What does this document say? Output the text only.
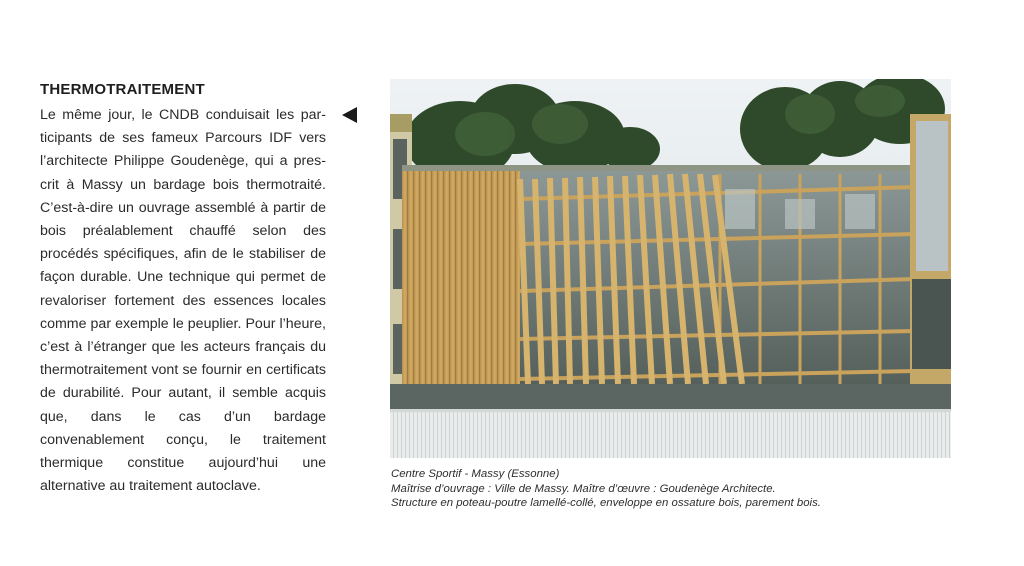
THERMOTRAITEMENT

Le même jour, le CNDB conduisait les participants de ses fameux Parcours IDF vers l’architecte Philippe Goudenège, qui a prescrit à Massy un bardage bois thermotraité. C’est-à-dire un ouvrage assemblé à partir de bois préalablement chauffé selon des procédés spécifiques, afin de le stabiliser de façon durable. Une technique qui permet de revaloriser fortement des essences locales comme par exemple le peuplier. Pour l’heure, c’est à l’étranger que les acteurs français du thermotraitement vont se fournir en certificats de durabilité. Pour autant, il semble acquis que, dans le cas d’un bardage convenablement conçu, le traitement thermique constitue aujourd’hui une alternative au traitement autoclave.

Centre Sportif - Massy (Essonne)
Maîtrise d’ouvrage : Ville de Massy. Maître d’œuvre : Goudenège Architecte.
Structure en poteau-poutre lamellé-collé, enveloppe en ossature bois, parement bois.
